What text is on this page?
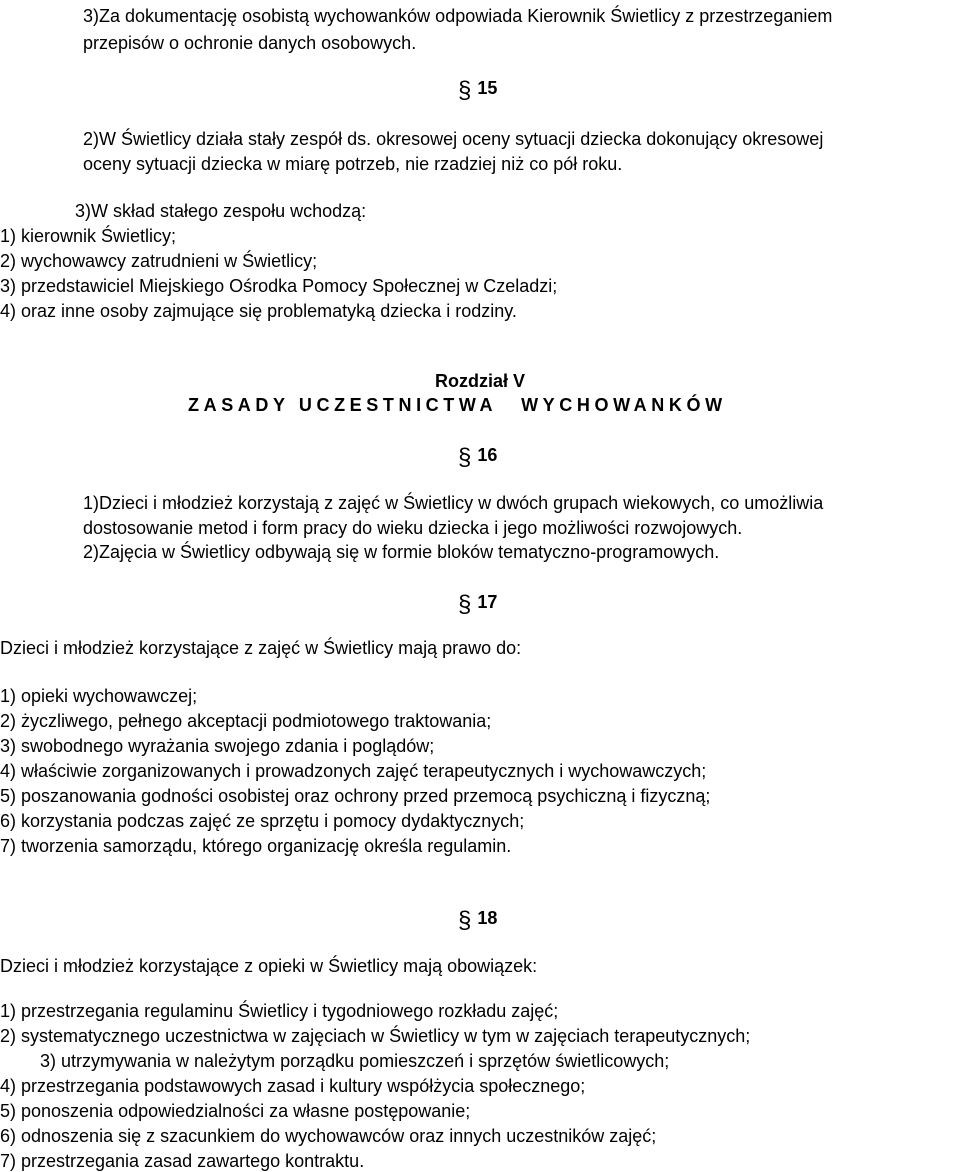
3)Za dokumentację osobistą wychowanków odpowiada Kierownik Świetlicy z przestrzeganiem

przepisów o ochronie danych osobowych.

§ 15

2)W Świetlicy działa stały zespół ds. okresowej oceny sytuacji dziecka dokonujący okresowej

oceny sytuacji dziecka w miarę potrzeb, nie rzadziej niż co pół roku.

3)W skład stałego zespołu wchodzą:

1) kierownik Świetlicy;

2) wychowawcy zatrudnieni w Świetlicy;

3) przedstawiciel Miejskiego Ośrodka Pomocy Społecznej w Czeladzi;

4) oraz inne osoby zajmujące się problematyką dziecka i rodziny.

Rozdział V
ZASADY UCZESTNICTWA WYCHOWANKÓW
§ 16

1)Dzieci i młodzież korzystają z zajęć w Świetlicy w dwóch grupach wiekowych, co umożliwia

dostosowanie metod i form pracy do wieku dziecka i jego możliwości rozwojowych.

2)Zajęcia w Świetlicy odbywają się w formie bloków tematyczno-programowych.

§ 17

Dzieci i młodzież korzystające z zajęć w Świetlicy mają prawo do:

1) opieki wychowawczej;

2) życzliwego, pełnego akceptacji podmiotowego traktowania;

3) swobodnego wyrażania swojego zdania i poglądów;

4) właściwie zorganizowanych i prowadzonych zajęć terapeutycznych i wychowawczych;

5) poszanowania godności osobistej oraz ochrony przed przemocą psychiczną i fizyczną;

6) korzystania podczas zajęć ze sprzętu i pomocy dydaktycznych;

7) tworzenia samorządu, którego organizację określa regulamin.

§ 18

Dzieci i młodzież korzystające z opieki w Świetlicy mają obowiązek:

1) przestrzegania regulaminu Świetlicy i tygodniowego rozkładu zajęć;

2) systematycznego uczestnictwa w zajęciach w Świetlicy w tym w zajęciach terapeutycznych;

3) utrzymywania w należytym porządku pomieszczeń i sprzętów świetlicowych;

4) przestrzegania podstawowych zasad i kultury współżycia społecznego;

5) ponoszenia odpowiedzialności za własne postępowanie;

6) odnoszenia się z szacunkiem do wychowawców oraz innych uczestników zajęć;

7) przestrzegania zasad zawartego kontraktu.
